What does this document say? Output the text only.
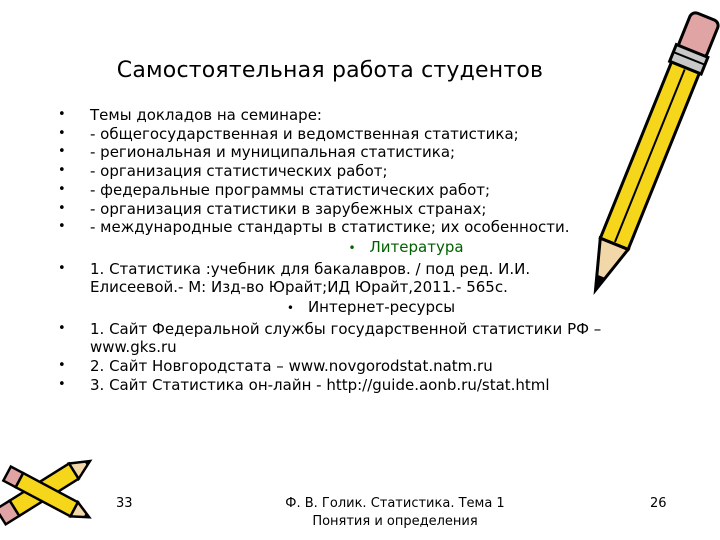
Самостоятельная работа студентов
•	Темы докладов на семинаре:
•	- общегосударственная и ведомственная статистика;
•	- региональная и муниципальная статистика;
•	- организация статистических работ;
•	- федеральные программы статистических работ;
•	- организация статистики в зарубежных странах;
•	- международные стандарты в статистике; их особенности.
• Литература
•	1. Статистика :учебник для бакалавров. / под ред. И.И.
Елисеевой.- М: Изд-во Юрайт;ИД Юрайт,2011.- 565с.
• Интернет-ресурсы
•	1. Сайт Федеральной службы государственной статистики РФ –
www.gks.ru
•	2. Сайт Новгородстата – www.novgorodstat.natm.ru
•	3. Сайт Статистика он-лайн - http://guide.aonb.ru/stat.html
33	Ф. В. Голик. Статистика. Тема 1
Понятия и определения
26
